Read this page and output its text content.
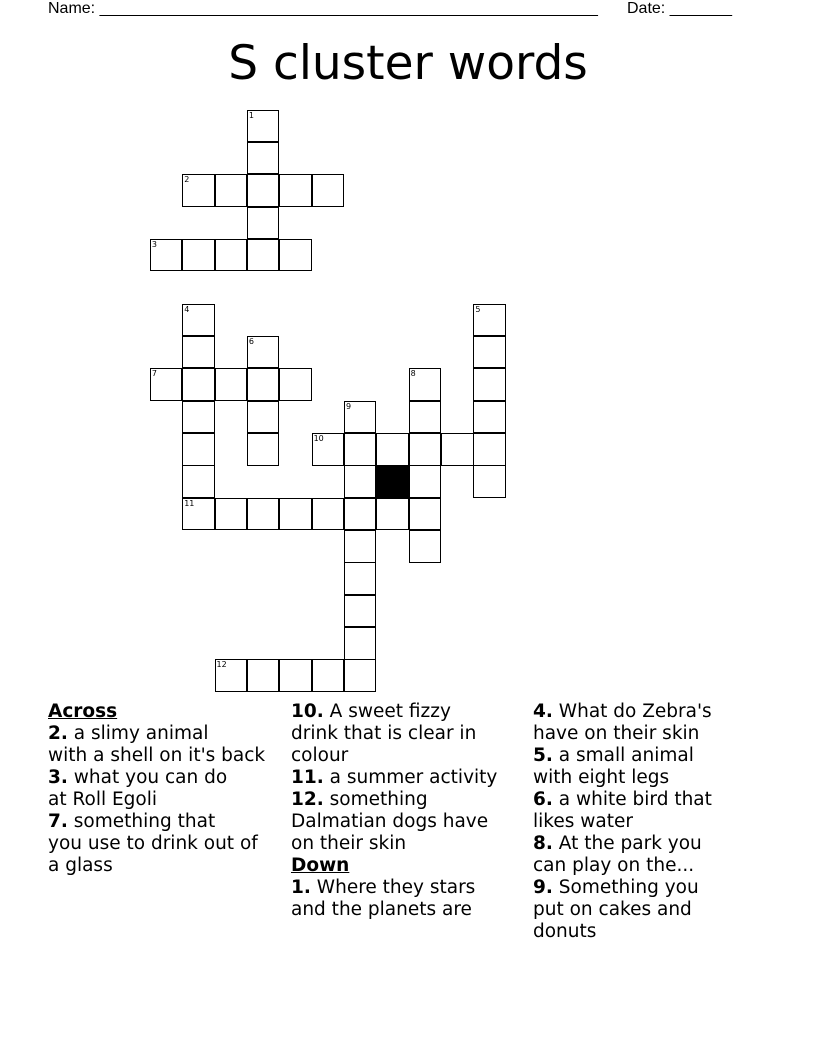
Name: ________________________________________________________ Date: _______
S cluster words
1
2
3
4	5
6
7	8
9
10
11
12
Across
2. a slimy animal
with a shell on it's back
3. what you can do
at Roll Egoli
7. something that
you use to drink out of
a glass
10. A sweet fizzy
drink that is clear in
colour
11. a summer activity
12. something
Dalmatian dogs have
on their skin
Down
1. Where they stars
and the planets are
4. What do Zebra's
have on their skin
5. a small animal
with eight legs
6. a white bird that
likes water
8. At the park you
can play on the...
9. Something you
put on cakes and
donuts
